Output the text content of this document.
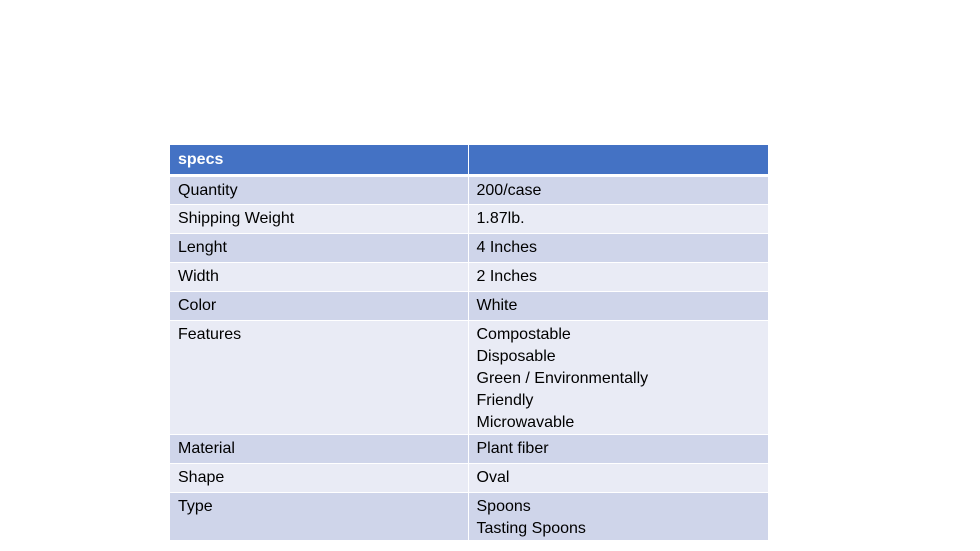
specs	
Quantity	200/case

Shipping Weight	1.87lb.

Lenght	4 Inches

Width	2 Inches

Color	White

Features	Compostable
Disposable
Green / Environmentally
Friendly
Microwavable

Material	Plant fiber

Shape	Oval

Type	Spoons
Tasting Spoons
